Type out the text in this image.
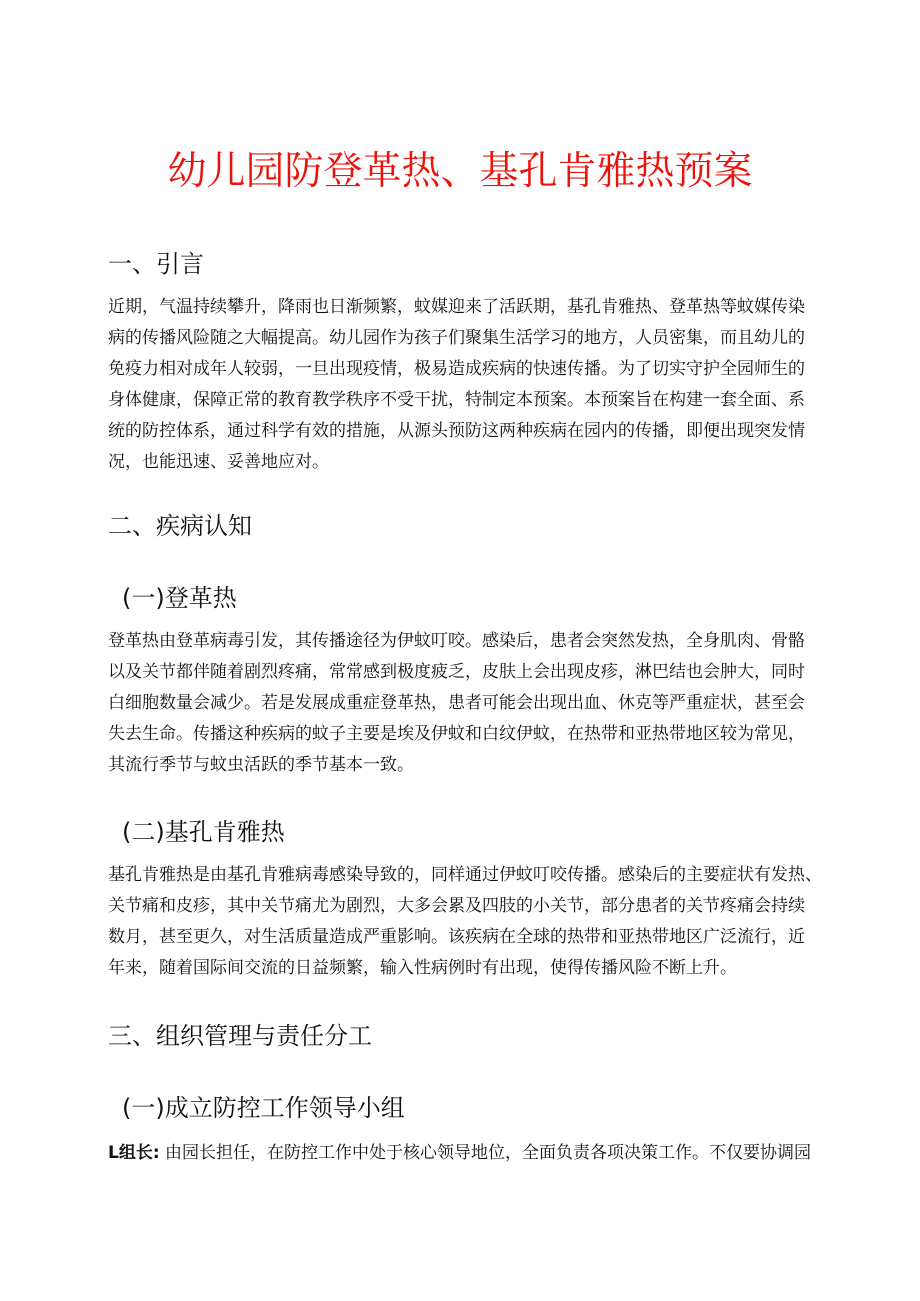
幼儿园防登革热、基孔肯雅热预案
一、引言
近期，气温持续攀升，降雨也日渐频繁，蚊媒迎来了活跃期，基孔肯雅热、登革热等蚊媒传染
病的传播风险随之大幅提高。幼儿园作为孩子们聚集生活学习的地方，人员密集，而且幼儿的
免疫力相对成年人较弱，一旦出现疫情，极易造成疾病的快速传播。为了切实守护全园师生的
身体健康，保障正常的教育教学秩序不受干扰，特制定本预案。本预案旨在构建一套全面、系
统的防控体系，通过科学有效的措施，从源头预防这两种疾病在园内的传播，即便出现突发情
况，也能迅速、妥善地应对。
二、疾病认知
(一)登革热
登革热由登革病毒引发，其传播途径为伊蚊叮咬。感染后，患者会突然发热，全身肌肉、骨骼
以及关节都伴随着剧烈疼痛，常常感到极度疲乏，皮肤上会出现皮疹，淋巴结也会肿大，同时
白细胞数量会减少。若是发展成重症登革热，患者可能会出现出血、休克等严重症状，甚至会
失去生命。传播这种疾病的蚊子主要是埃及伊蚊和白纹伊蚊，在热带和亚热带地区较为常见，
其流行季节与蚊虫活跃的季节基本一致。
(二)基孔肯雅热
基孔肯雅热是由基孔肯雅病毒感染导致的，同样通过伊蚊叮咬传播。感染后的主要症状有发热、
关节痛和皮疹，其中关节痛尤为剧烈，大多会累及四肢的小关节，部分患者的关节疼痛会持续
数月，甚至更久，对生活质量造成严重影响。该疾病在全球的热带和亚热带地区广泛流行，近
年来，随着国际间交流的日益频繁，输入性病例时有出现，使得传播风险不断上升。
三、组织管理与责任分工
(一)成立防控工作领导小组
L组长: 由园长担任，在防控工作中处于核心领导地位，全面负责各项决策工作。不仅要协调园
